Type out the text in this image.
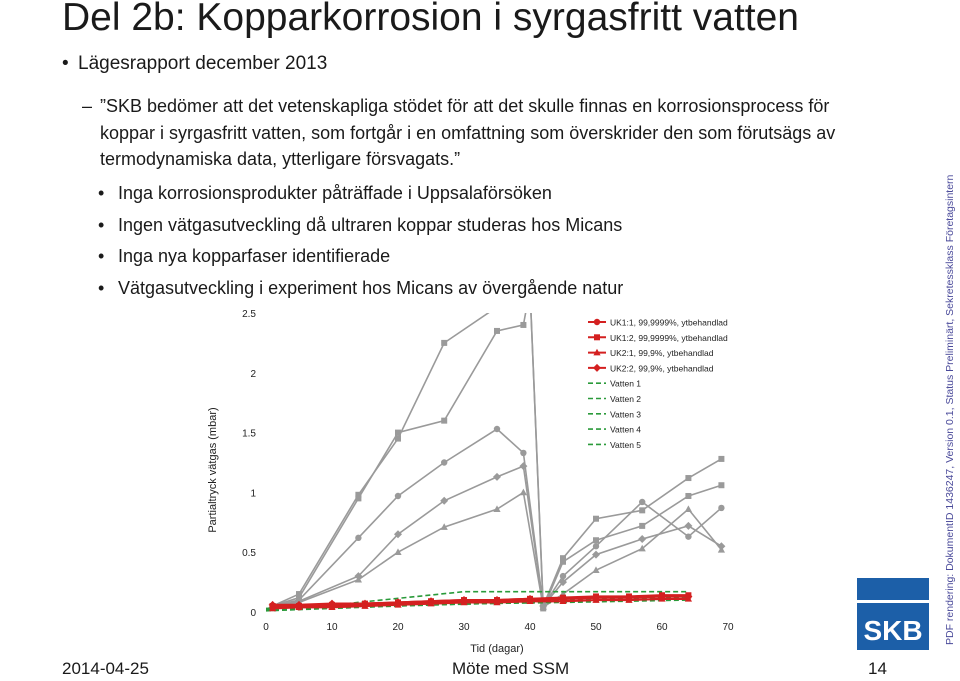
Del 2b: Kopparkorrosion i syrgasfritt vatten
• Lägesrapport december 2013
– ”SKB bedömer att det vetenskapliga stödet för att det skulle finnas en korrosionsprocess för koppar i syrgasfritt vatten, som fortgår i en omfattning som överskrider den som förutsägs av termodynamiska data, ytterligare försvagats.”
• Inga korrosionsprodukter påträffade i Uppsalaförsöken
• Ingen vätgasutveckling då ultraren koppar studeras hos Micans
• Inga nya kopparfaser identifierade
• Vätgasutveckling i experiment hos Micans av övergående natur
0	10	20	30	40	50	60	70
0
0.5
1
1.5
2
2.5
Tid (dagar)
Partialtryck vätgas (mbar)
UK1:1, 99,9999%, ytbehandlad
UK1:2, 99,9999%, ytbehandlad
UK2:1, 99,9%, ytbehandlad
UK2:2, 99,9%, ytbehandlad
Vatten 1
Vatten 2
Vatten 3
Vatten 4
Vatten 5	PDF rendering: DokumentID 1436247, Version 0.1, Status Preliminärt, Sekretessklass Företagsintern
SKB
2014-04-25	Möte med SSM	14
